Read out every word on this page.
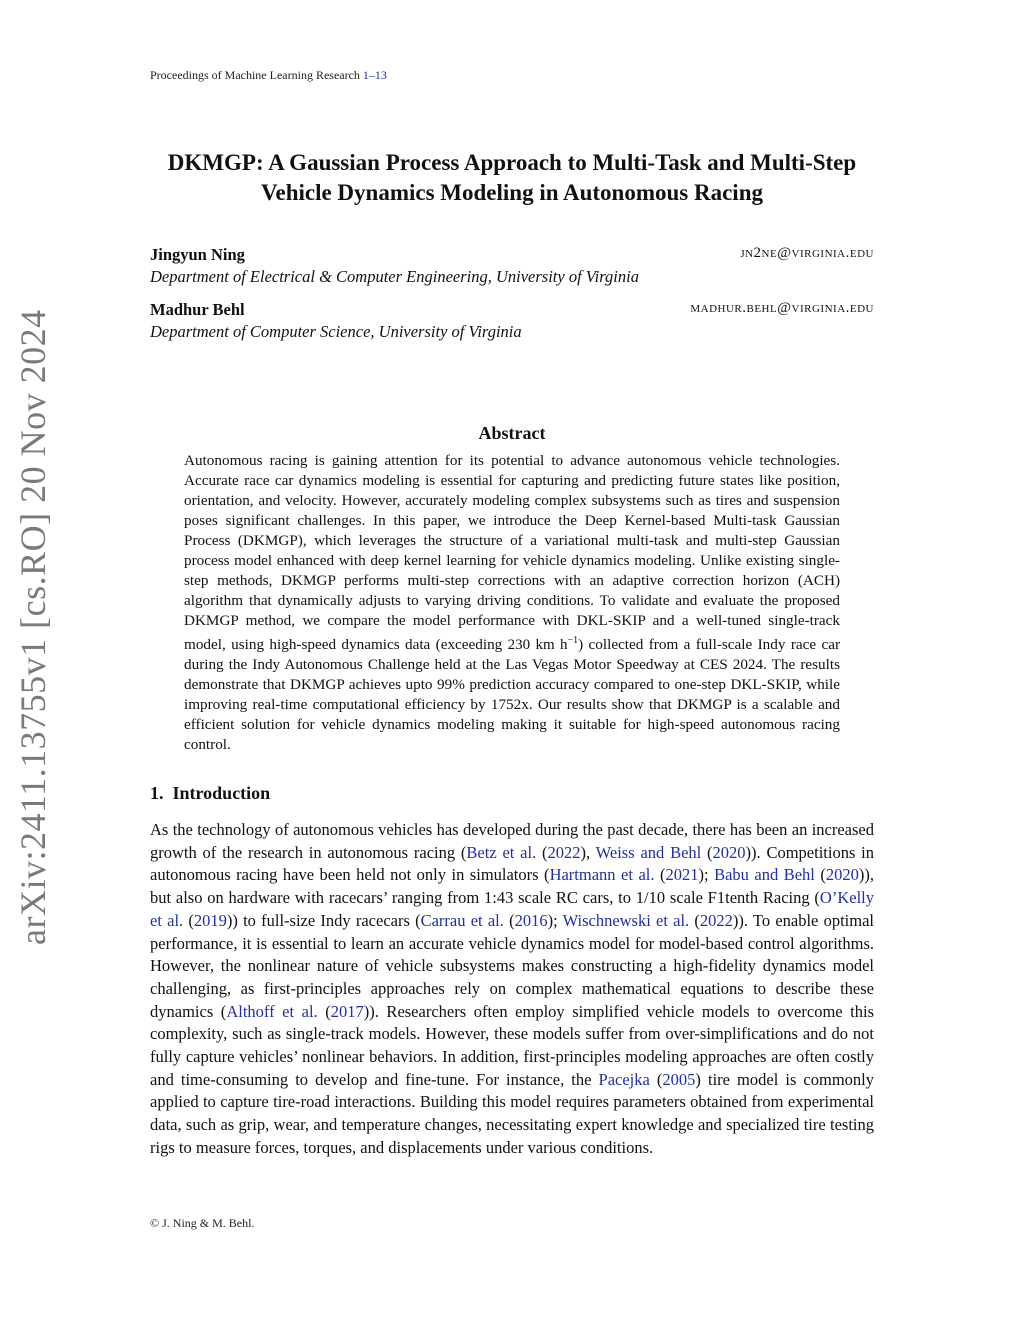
Proceedings of Machine Learning Research 1–13
arXiv:2411.13755v1 [cs.RO] 20 Nov 2024
DKMGP: A Gaussian Process Approach to Multi-Task and Multi-Step
Vehicle Dynamics Modeling in Autonomous Racing
Jingyun Ning	jn2ne@virginia.edu
Department of Electrical & Computer Engineering, University of Virginia
Madhur Behl	madhur.behl@virginia.edu
Department of Computer Science, University of Virginia
Abstract
Autonomous racing is gaining attention for its potential to advance autonomous vehicle technologies. Accurate race car dynamics modeling is essential for capturing and predicting future states like position, orientation, and velocity. However, accurately modeling complex subsystems such as tires and suspension poses significant challenges. In this paper, we introduce the Deep Kernel-based Multi-task Gaussian Process (DKMGP), which leverages the structure of a variational multi-task and multi-step Gaussian process model enhanced with deep kernel learning for vehicle dynamics modeling. Unlike existing single-step methods, DKMGP performs multi-step corrections with an adaptive correction horizon (ACH) algorithm that dynamically adjusts to varying driving conditions. To validate and evaluate the proposed DKMGP method, we compare the model performance with DKL-SKIP and a well-tuned single-track model, using high-speed dynamics data (exceeding 230 km $h^{-1}$) collected from a full-scale Indy race car during the Indy Autonomous Challenge held at the Las Vegas Motor Speedway at CES 2024. The results demonstrate that DKMGP achieves upto 99% prediction accuracy compared to one-step DKL-SKIP, while improving real-time computational efficiency by 1752x. Our results show that DKMGP is a scalable and efficient solution for vehicle dynamics modeling making it suitable for high-speed autonomous racing control.
1. Introduction
As the technology of autonomous vehicles has developed during the past decade, there has been an increased growth of the research in autonomous racing (Betz et al. (2022), Weiss and Behl (2020)). Competitions in autonomous racing have been held not only in simulators (Hartmann et al. (2021); Babu and Behl (2020)), but also on hardware with racecars’ ranging from 1:43 scale RC cars, to 1/10 scale F1tenth Racing (O’Kelly et al. (2019)) to full-size Indy racecars (Carrau et al. (2016); Wischnewski et al. (2022)). To enable optimal performance, it is essential to learn an accurate vehicle dynamics model for model-based control algorithms. However, the nonlinear nature of vehicle subsystems makes constructing a high-fidelity dynamics model challenging, as first-principles approaches rely on complex mathematical equations to describe these dynamics (Althoff et al. (2017)). Researchers often employ simplified vehicle models to overcome this complexity, such as single-track models. However, these models suffer from over-simplifications and do not fully capture vehicles’ nonlinear behaviors. In addition, first-principles modeling approaches are often costly and time-consuming to develop and fine-tune. For instance, the Pacejka (2005) tire model is commonly applied to capture tire-road interactions. Building this model requires parameters obtained from experimental data, such as grip, wear, and temperature changes, necessitating expert knowledge and specialized tire testing rigs to measure forces, torques, and displacements under various conditions.
© J. Ning & M. Behl.
